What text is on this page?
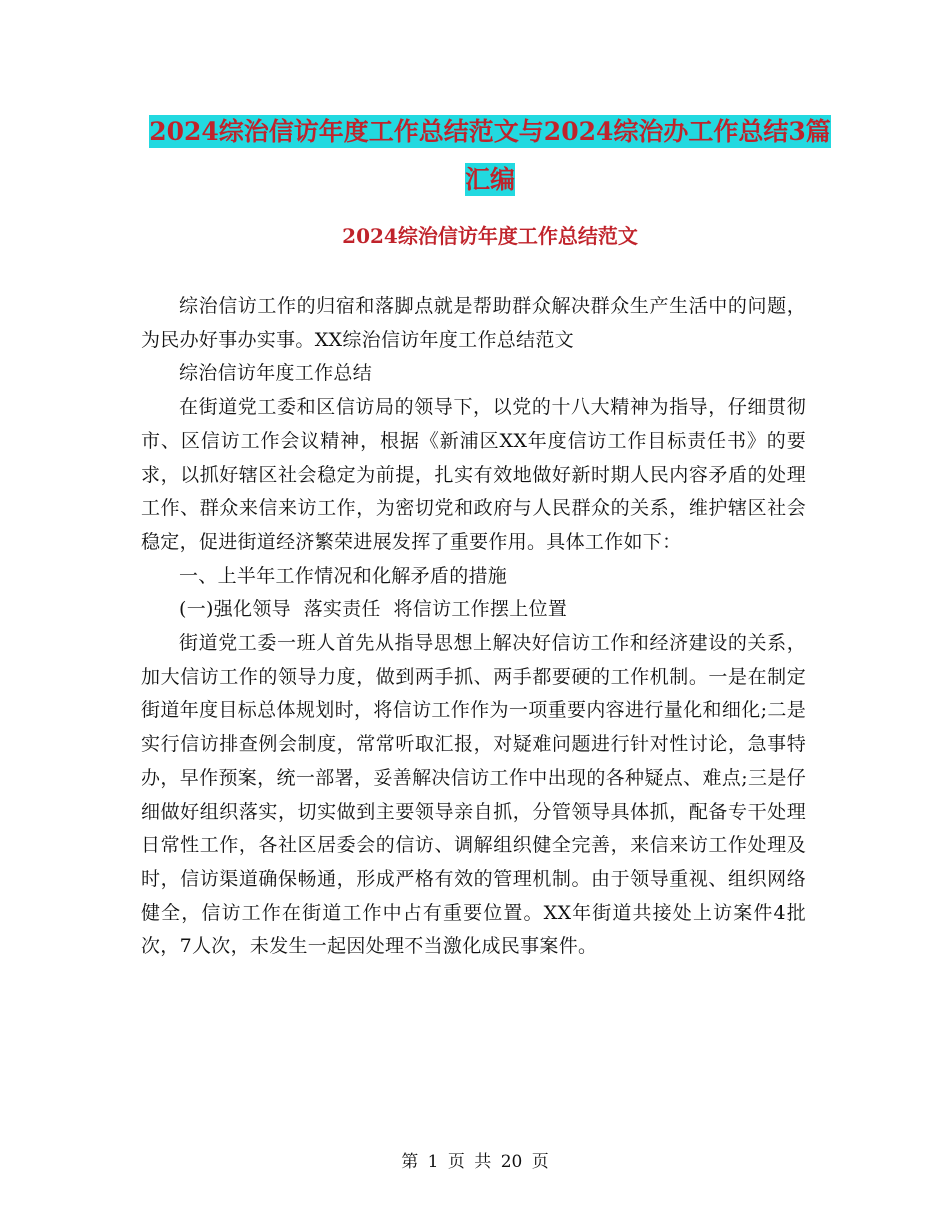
2024综治信访年度工作总结范文与2024综治办工作总结3篇汇编
2024综治信访年度工作总结范文

综治信访工作的归宿和落脚点就是帮助群众解决群众生产生活中的问题，为民办好事办实事。XX综治信访年度工作总结范文

综治信访年度工作总结

在街道党工委和区信访局的领导下，以党的十八大精神为指导，仔细贯彻市、区信访工作会议精神，根据《新浦区XX年度信访工作目标责任书》的要求，以抓好辖区社会稳定为前提，扎实有效地做好新时期人民内容矛盾的处理工作、群众来信来访工作，为密切党和政府与人民群众的关系，维护辖区社会稳定，促进街道经济繁荣进展发挥了重要作用。具体工作如下：

一、上半年工作情况和化解矛盾的措施

(一)强化领导  落实责任  将信访工作摆上位置

街道党工委一班人首先从指导思想上解决好信访工作和经济建设的关系，加大信访工作的领导力度，做到两手抓、两手都要硬的工作机制。一是在制定街道年度目标总体规划时，将信访工作作为一项重要内容进行量化和细化;二是实行信访排查例会制度，常常听取汇报，对疑难问题进行针对性讨论，急事特办，早作预案，统一部署，妥善解决信访工作中出现的各种疑点、难点;三是仔细做好组织落实，切实做到主要领导亲自抓，分管领导具体抓，配备专干处理日常性工作，各社区居委会的信访、调解组织健全完善，来信来访工作处理及时，信访渠道确保畅通，形成严格有效的管理机制。由于领导重视、组织网络健全，信访工作在街道工作中占有重要位置。XX年街道共接处上访案件4批次，7人次，未发生一起因处理不当激化成民事案件。

第 1 页 共 20 页
